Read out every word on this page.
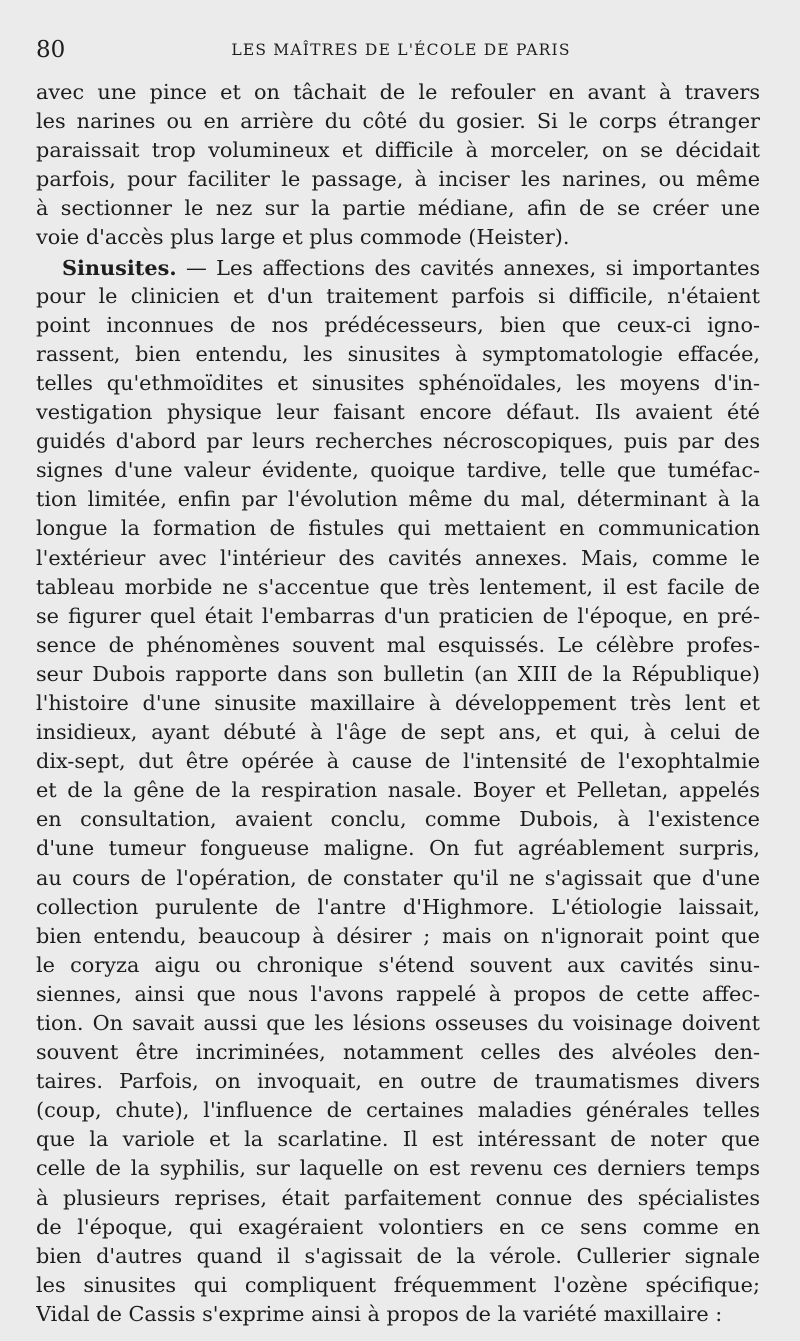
80	LES MAÎTRES DE L'ÉCOLE DE PARIS
avec une pince et on tâchait de le refouler en avant à travers
les narines ou en arrière du côté du gosier. Si le corps étranger
paraissait trop volumineux et difficile à morceler, on se décidait
parfois, pour faciliter le passage, à inciser les narines, ou même
à sectionner le nez sur la partie médiane, afin de se créer une
voie d'accès plus large et plus commode (Heister).
Sinusites. — Les affections des cavités annexes, si importantes
pour le clinicien et d'un traitement parfois si difficile, n'étaient
point inconnues de nos prédécesseurs, bien que ceux-ci igno-
rassent, bien entendu, les sinusites à symptomatologie effacée,
telles qu'ethmoïdites et sinusites sphénoïdales, les moyens d'in-
vestigation physique leur faisant encore défaut. Ils avaient été
guidés d'abord par leurs recherches nécroscopiques, puis par des
signes d'une valeur évidente, quoique tardive, telle que tuméfac-
tion limitée, enfin par l'évolution même du mal, déterminant à la
longue la formation de fistules qui mettaient en communication
l'extérieur avec l'intérieur des cavités annexes. Mais, comme le
tableau morbide ne s'accentue que très lentement, il est facile de
se figurer quel était l'embarras d'un praticien de l'époque, en pré-
sence de phénomènes souvent mal esquissés. Le célèbre profes-
seur Dubois rapporte dans son bulletin (an XIII de la République)
l'histoire d'une sinusite maxillaire à développement très lent et
insidieux, ayant débuté à l'âge de sept ans, et qui, à celui de
dix-sept, dut être opérée à cause de l'intensité de l'exophtalmie
et de la gêne de la respiration nasale. Boyer et Pelletan, appelés
en consultation, avaient conclu, comme Dubois, à l'existence
d'une tumeur fongueuse maligne. On fut agréablement surpris,
au cours de l'opération, de constater qu'il ne s'agissait que d'une
collection purulente de l'antre d'Highmore. L'étiologie laissait,
bien entendu, beaucoup à désirer ; mais on n'ignorait point que
le coryza aigu ou chronique s'étend souvent aux cavités sinu-
siennes, ainsi que nous l'avons rappelé à propos de cette affec-
tion. On savait aussi que les lésions osseuses du voisinage doivent
souvent être incriminées, notamment celles des alvéoles den-
taires. Parfois, on invoquait, en outre de traumatismes divers
(coup, chute), l'influence de certaines maladies générales telles
que la variole et la scarlatine. Il est intéressant de noter que
celle de la syphilis, sur laquelle on est revenu ces derniers temps
à plusieurs reprises, était parfaitement connue des spécialistes
de l'époque, qui exagéraient volontiers en ce sens comme en
bien d'autres quand il s'agissait de la vérole. Cullerier signale
les sinusites qui compliquent fréquemment l'ozène spécifique;
Vidal de Cassis s'exprime ainsi à propos de la variété maxillaire :
